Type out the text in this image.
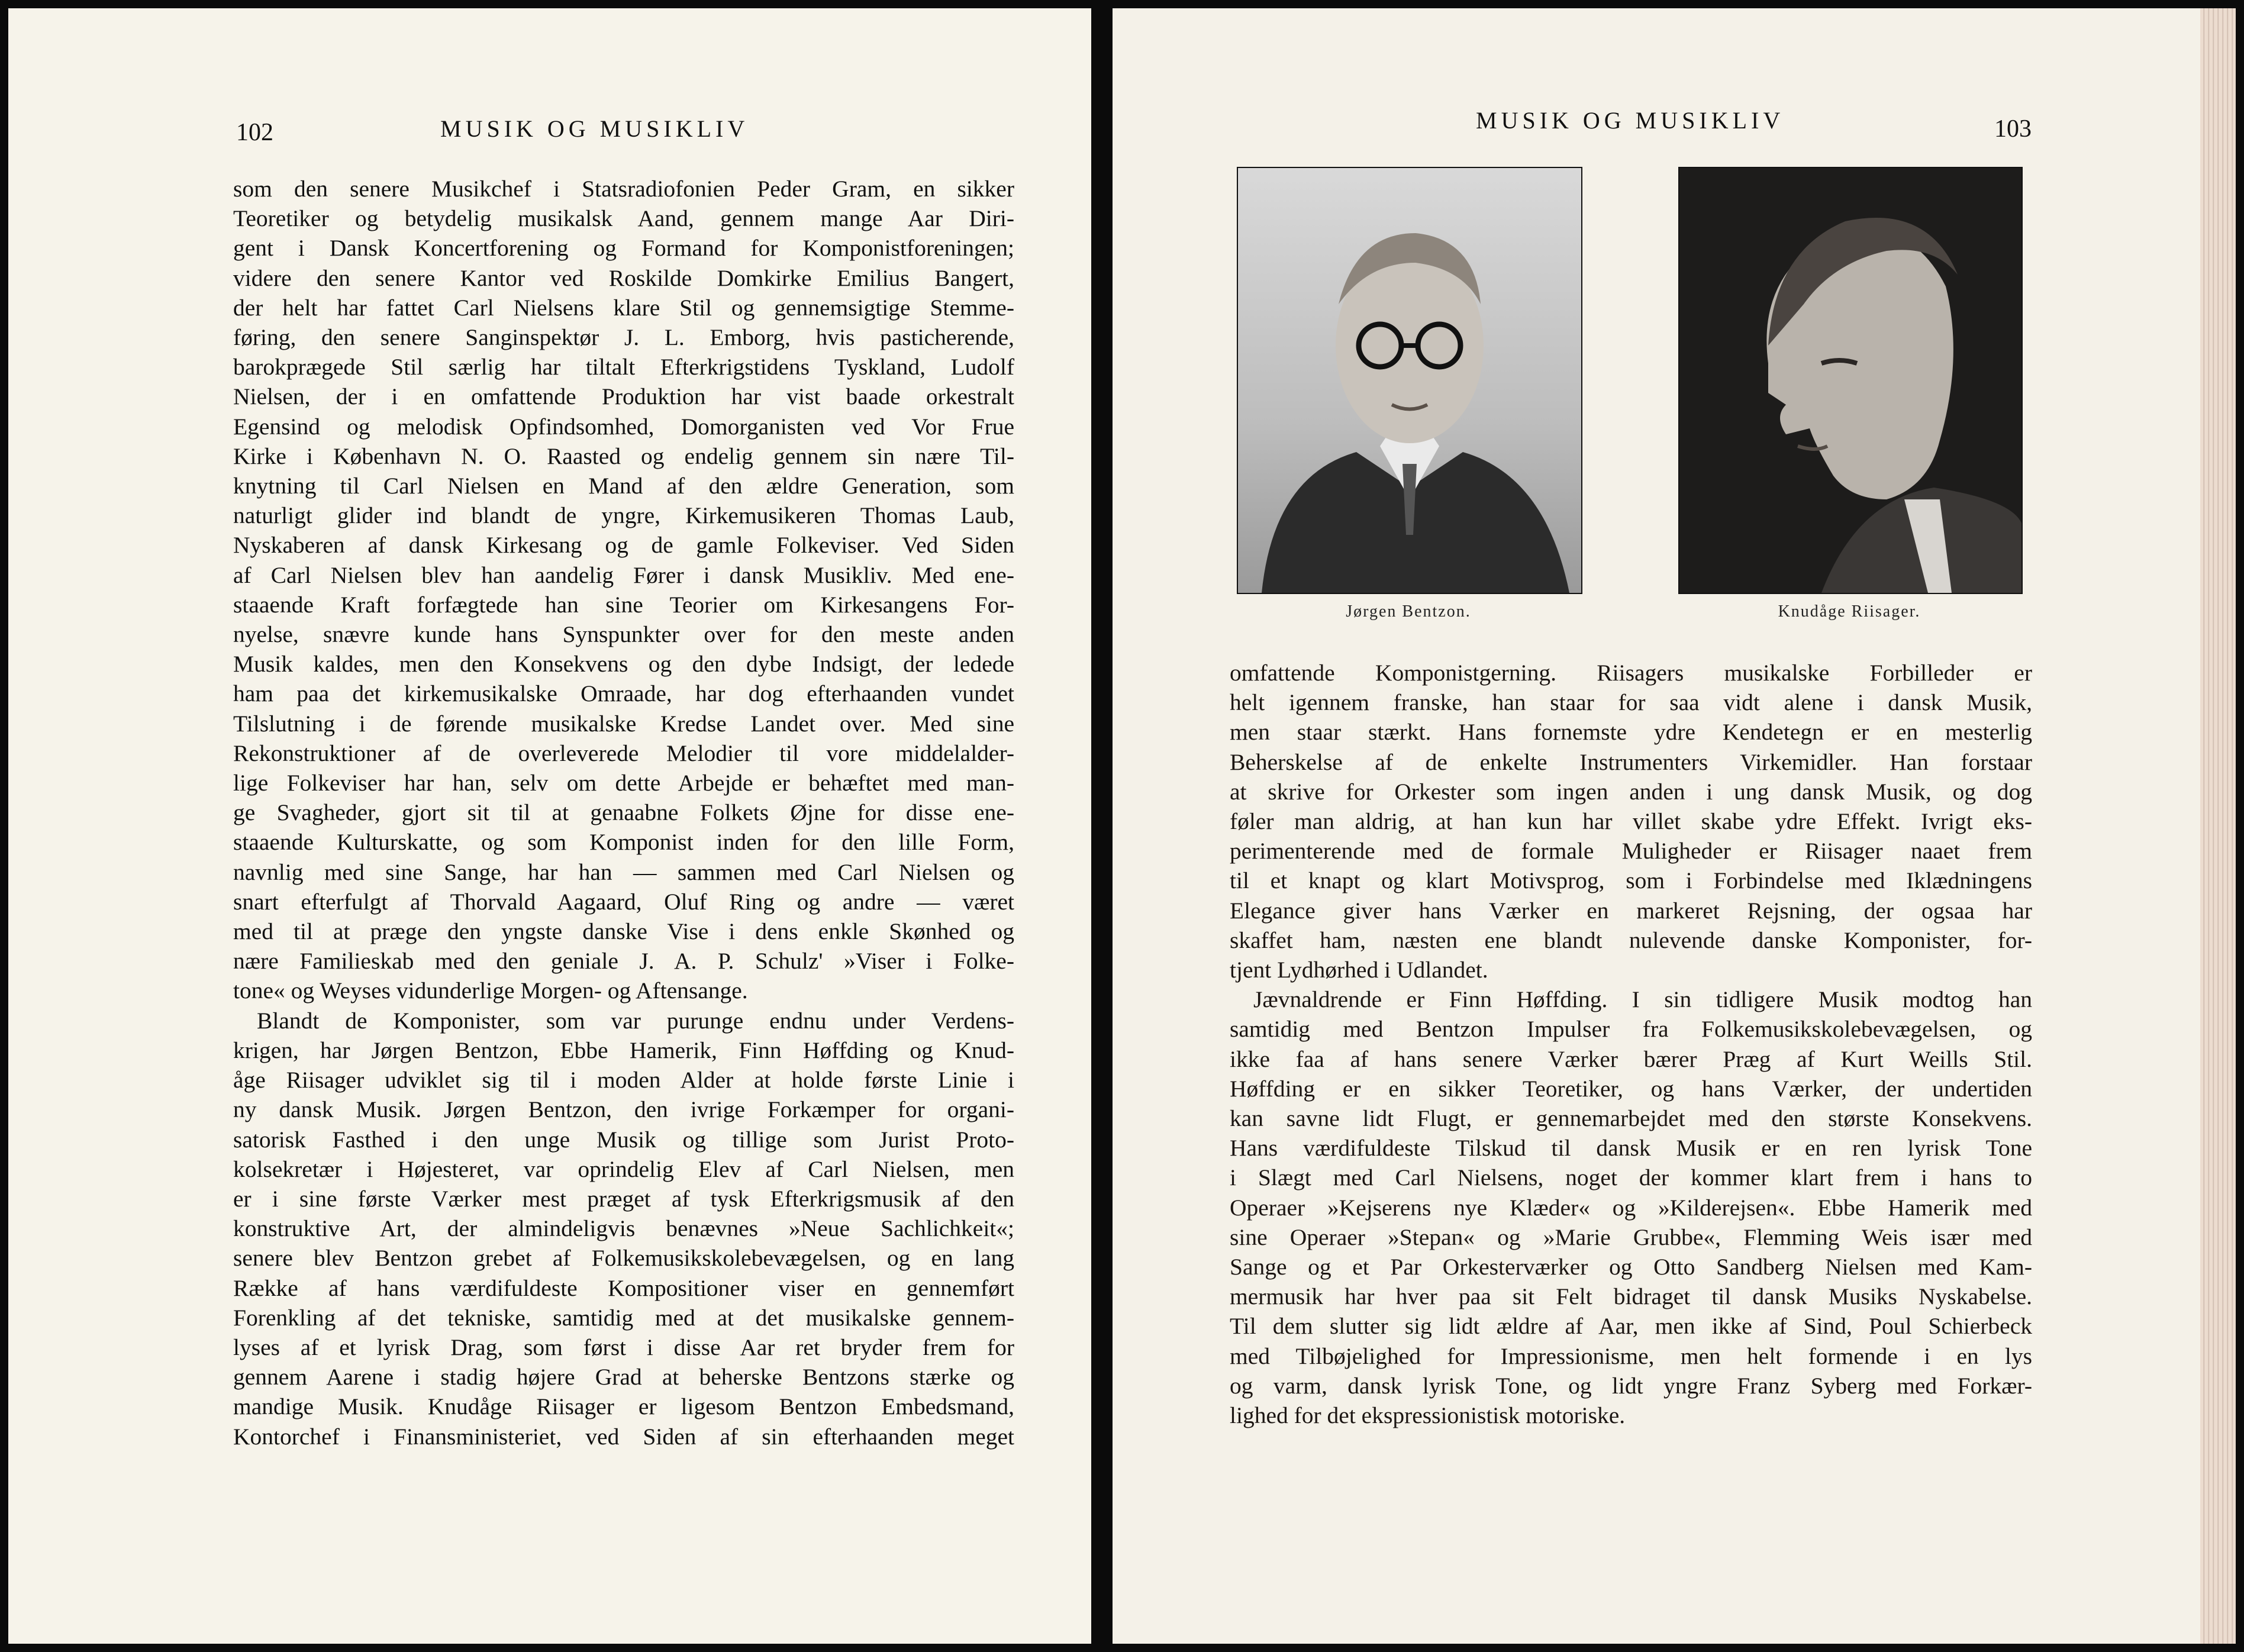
102	MUSIK OG MUSIKLIV
som den senere Musikchef i Statsradiofonien Peder Gram, en sikker
Teoretiker og betydelig musikalsk Aand, gennem mange Aar Diri-
gent i Dansk Koncertforening og Formand for Komponistforeningen;
videre den senere Kantor ved Roskilde Domkirke Emilius Bangert,
der helt har fattet Carl Nielsens klare Stil og gennemsigtige Stemme-
føring, den senere Sanginspektør J. L. Emborg, hvis pasticherende,
barokprægede Stil særlig har tiltalt Efterkrigstidens Tyskland, Ludolf
Nielsen, der i en omfattende Produktion har vist baade orkestralt
Egensind og melodisk Opfindsomhed, Domorganisten ved Vor Frue
Kirke i København N. O. Raasted og endelig gennem sin nære Til-
knytning til Carl Nielsen en Mand af den ældre Generation, som
naturligt glider ind blandt de yngre, Kirkemusikeren Thomas Laub,
Nyskaberen af dansk Kirkesang og de gamle Folkeviser. Ved Siden
af Carl Nielsen blev han aandelig Fører i dansk Musikliv. Med ene-
staaende Kraft forfægtede han sine Teorier om Kirkesangens For-
nyelse, snævre kunde hans Synspunkter over for den meste anden
Musik kaldes, men den Konsekvens og den dybe Indsigt, der ledede
ham paa det kirkemusikalske Omraade, har dog efterhaanden vundet
Tilslutning i de førende musikalske Kredse Landet over. Med sine
Rekonstruktioner af de overleverede Melodier til vore middelalder-
lige Folkeviser har han, selv om dette Arbejde er behæftet med man-
ge Svagheder, gjort sit til at genaabne Folkets Øjne for disse ene-
staaende Kulturskatte, og som Komponist inden for den lille Form,
navnlig med sine Sange, har han — sammen med Carl Nielsen og
snart efterfulgt af Thorvald Aagaard, Oluf Ring og andre — været
med til at præge den yngste danske Vise i dens enkle Skønhed og
nære Familieskab med den geniale J. A. P. Schulz' »Viser i Folke-
tone« og Weyses vidunderlige Morgen- og Aftensange.
Blandt de Komponister, som var purunge endnu under Verdens-
krigen, har Jørgen Bentzon, Ebbe Hamerik, Finn Høffding og Knud-
åge Riisager udviklet sig til i moden Alder at holde første Linie i
ny dansk Musik. Jørgen Bentzon, den ivrige Forkæmper for organi-
satorisk Fasthed i den unge Musik og tillige som Jurist Proto-
kolsekretær i Højesteret, var oprindelig Elev af Carl Nielsen, men
er i sine første Værker mest præget af tysk Efterkrigsmusik af den
konstruktive Art, der almindeligvis benævnes »Neue Sachlichkeit«;
senere blev Bentzon grebet af Folkemusikskolebevægelsen, og en lang
Række af hans værdifuldeste Kompositioner viser en gennemført
Forenkling af det tekniske, samtidig med at det musikalske gennem-
lyses af et lyrisk Drag, som først i disse Aar ret bryder frem for
gennem Aarene i stadig højere Grad at beherske Bentzons stærke og
mandige Musik. Knudåge Riisager er ligesom Bentzon Embedsmand,
Kontorchef i Finansministeriet, ved Siden af sin efterhaanden meget
MUSIK OG MUSIKLIV	103
Jørgen Bentzon.	Knudåge Riisager.
omfattende Komponistgerning. Riisagers musikalske Forbilleder er
helt igennem franske, han staar for saa vidt alene i dansk Musik,
men staar stærkt. Hans fornemste ydre Kendetegn er en mesterlig
Beherskelse af de enkelte Instrumenters Virkemidler. Han forstaar
at skrive for Orkester som ingen anden i ung dansk Musik, og dog
føler man aldrig, at han kun har villet skabe ydre Effekt. Ivrigt eks-
perimenterende med de formale Muligheder er Riisager naaet frem
til et knapt og klart Motivsprog, som i Forbindelse med Iklædningens
Elegance giver hans Værker en markeret Rejsning, der ogsaa har
skaffet ham, næsten ene blandt nulevende danske Komponister, for-
tjent Lydhørhed i Udlandet.
Jævnaldrende er Finn Høffding. I sin tidligere Musik modtog han
samtidig med Bentzon Impulser fra Folkemusikskolebevægelsen, og
ikke faa af hans senere Værker bærer Præg af Kurt Weills Stil.
Høffding er en sikker Teoretiker, og hans Værker, der undertiden
kan savne lidt Flugt, er gennemarbejdet med den største Konsekvens.
Hans værdifuldeste Tilskud til dansk Musik er en ren lyrisk Tone
i Slægt med Carl Nielsens, noget der kommer klart frem i hans to
Operaer »Kejserens nye Klæder« og »Kilderejsen«. Ebbe Hamerik med
sine Operaer »Stepan« og »Marie Grubbe«, Flemming Weis især med
Sange og et Par Orkesterværker og Otto Sandberg Nielsen med Kam-
mermusik har hver paa sit Felt bidraget til dansk Musiks Nyskabelse.
Til dem slutter sig lidt ældre af Aar, men ikke af Sind, Poul Schierbeck
med Tilbøjelighed for Impressionisme, men helt formende i en lys
og varm, dansk lyrisk Tone, og lidt yngre Franz Syberg med Forkær-
lighed for det ekspressionistisk motoriske.
